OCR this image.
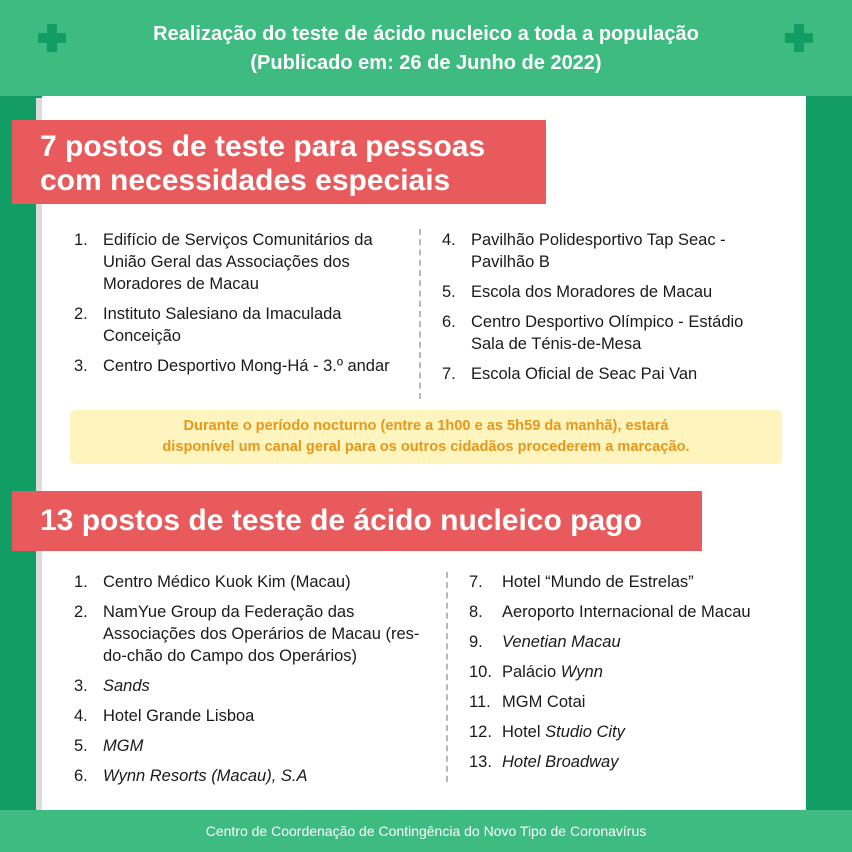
Realização do teste de ácido nucleico a toda a população
(Publicado em: 26 de Junho de 2022)
7 postos de teste para pessoas
com necessidades especiais
1. Edifício de Serviços Comunitários da União Geral das Associações dos Moradores de Macau
2. Instituto Salesiano da Imaculada Conceição
3. Centro Desportivo Mong-Há - 3.º andar
4. Pavilhão Polidesportivo Tap Seac - Pavilhão B
5. Escola dos Moradores de Macau
6. Centro Desportivo Olímpico - Estádio Sala de Ténis-de-Mesa
7. Escola Oficial de Seac Pai Van
Durante o período nocturno (entre a 1h00 e as 5h59 da manhã), estará
disponível um canal geral para os outros cidadãos procederem a marcação.
13 postos de teste de ácido nucleico pago
1. Centro Médico Kuok Kim (Macau)
2. NamYue Group da Federação das Associações dos Operários de Macau (res-do-chão do Campo dos Operários)
3. Sands
4. Hotel Grande Lisboa
5. MGM
6. Wynn Resorts (Macau), S.A
7. Hotel “Mundo de Estrelas”
8. Aeroporto Internacional de Macau
9. Venetian Macau
10. Palácio Wynn
11. MGM Cotai
12. Hotel Studio City
13. Hotel Broadway
Centro de Coordenação de Contingência do Novo Tipo de Coronavírus
